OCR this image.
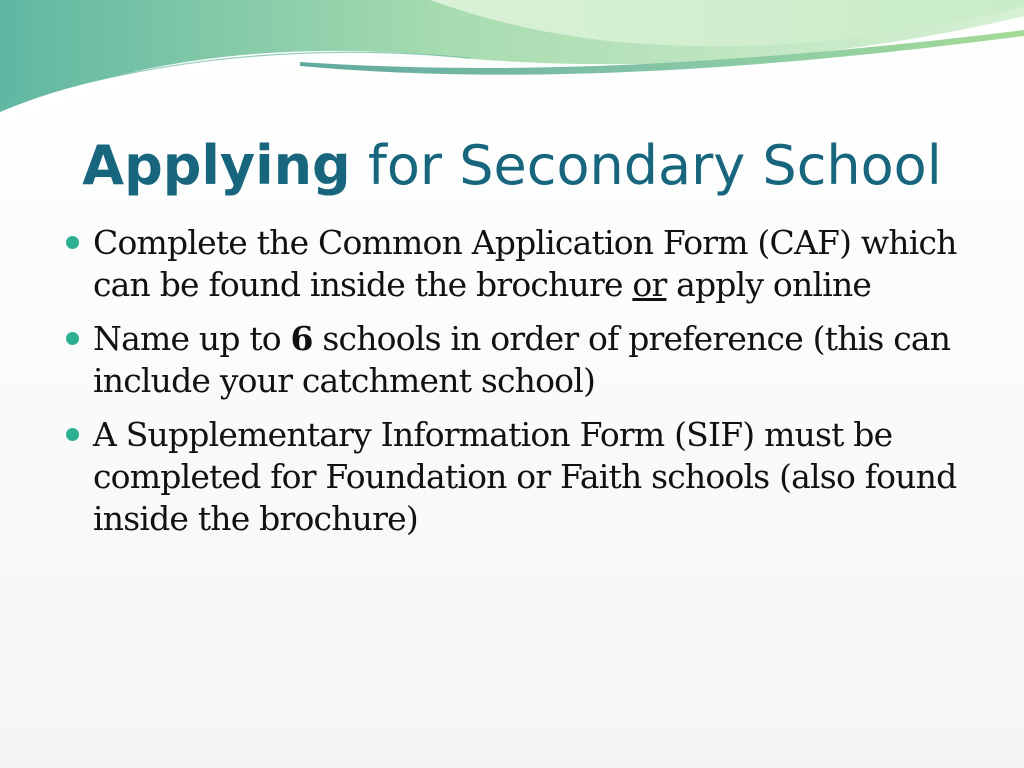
Applying for Secondary School
Complete the Common Application Form (CAF) which can be found inside the brochure or apply online
Name up to 6 schools in order of preference (this can include your catchment school)
A Supplementary Information Form (SIF) must be completed for Foundation or Faith schools (also found inside the brochure)
